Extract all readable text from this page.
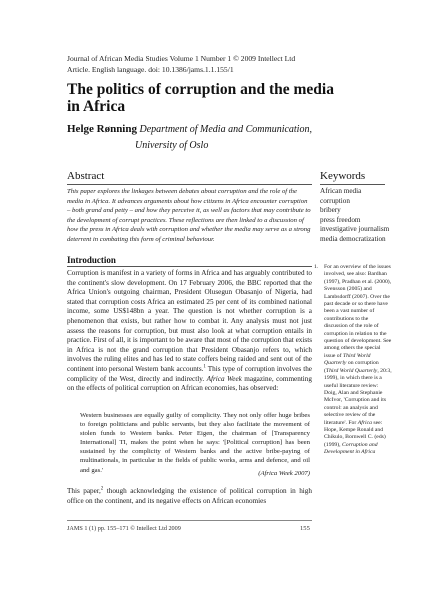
Journal of African Media Studies Volume 1 Number 1 © 2009 Intellect Ltd
Article. English language. doi: 10.1386/jams.1.1.155/1
The politics of corruption and the media
in Africa
Helge Rønning Department of Media and Communication,
University of Oslo
Abstract
This paper explores the linkages between debates about corruption and the role of the media in Africa. It advances arguments about how citizens in Africa encounter corruption – both grand and petty – and how they perceive it, as well as factors that may contribute to the development of corrupt practices. These reflections are then linked to a discussion of how the press in Africa deals with corruption and whether the media may serve as a strong deterrent in combating this form of criminal behaviour.
Keywords
African media
corruption
bribery
press freedom
investigative journalism
media democratization
Introduction
Corruption is manifest in a variety of forms in Africa and has arguably contributed to the continent's slow development. On 17 February 2006, the BBC reported that the Africa Union's outgoing chairman, President Olusegun Obasanjo of Nigeria, had stated that corruption costs Africa an estimated 25 per cent of its combined national income, some US$148bn a year. The question is not whether corruption is a phenomenon that exists, but rather how to combat it. Any analysis must not just assess the reasons for corruption, but must also look at what corruption entails in practice. First of all, it is important to be aware that most of the corruption that exists in Africa is not the grand corruption that President Obasanjo refers to, which involves the ruling elites and has led to state coffers being raided and sent out of the continent into personal Western bank accounts.$^1$ This type of corruption involves the complicity of the West, directly and indirectly. Africa Week magazine, commenting on the effects of political corruption on African economies, has observed:
Western businesses are equally guilty of complicity. They not only offer huge bribes to foreign politicians and public servants, but they also facilitate the movement of stolen funds to Western banks. Peter Eigen, the chairman of [Transparency International] TI, makes the point when he says: '[Political corruption] has been sustained by the complicity of Western banks and the active bribe-paying of multinationals, in particular in the fields of public works, arms and defence, and oil and gas.'	(Africa Week 2007)
This paper,$^2$ though acknowledging the existence of political corruption in high office on the continent, and its negative effects on African economies
1. For an overview of the issues involved, see also: Bardhan (1997), Pradhan et al. (2000), Svensson (2005) and Lambsdorff (2007). Over the past decade or so there have been a vast number of contributions to the discussion of the role of corruption in relation to the question of development. See among others the special issue of Third World Quarterly on corruption (Third World Quarterly, 20:3, 1999), in which there is a useful literature review: Doig, Alan and Stephanie McIvor, 'Corruption and its control: an analysis and selective review of the literature'. For Africa see: Hope, Kempe Ronald and Chikulo, Bornwell C. (eds) (1999), Corruption and Development in Africa
JAMS 1 (1) pp. 155–171 © Intellect Ltd 2009	155
